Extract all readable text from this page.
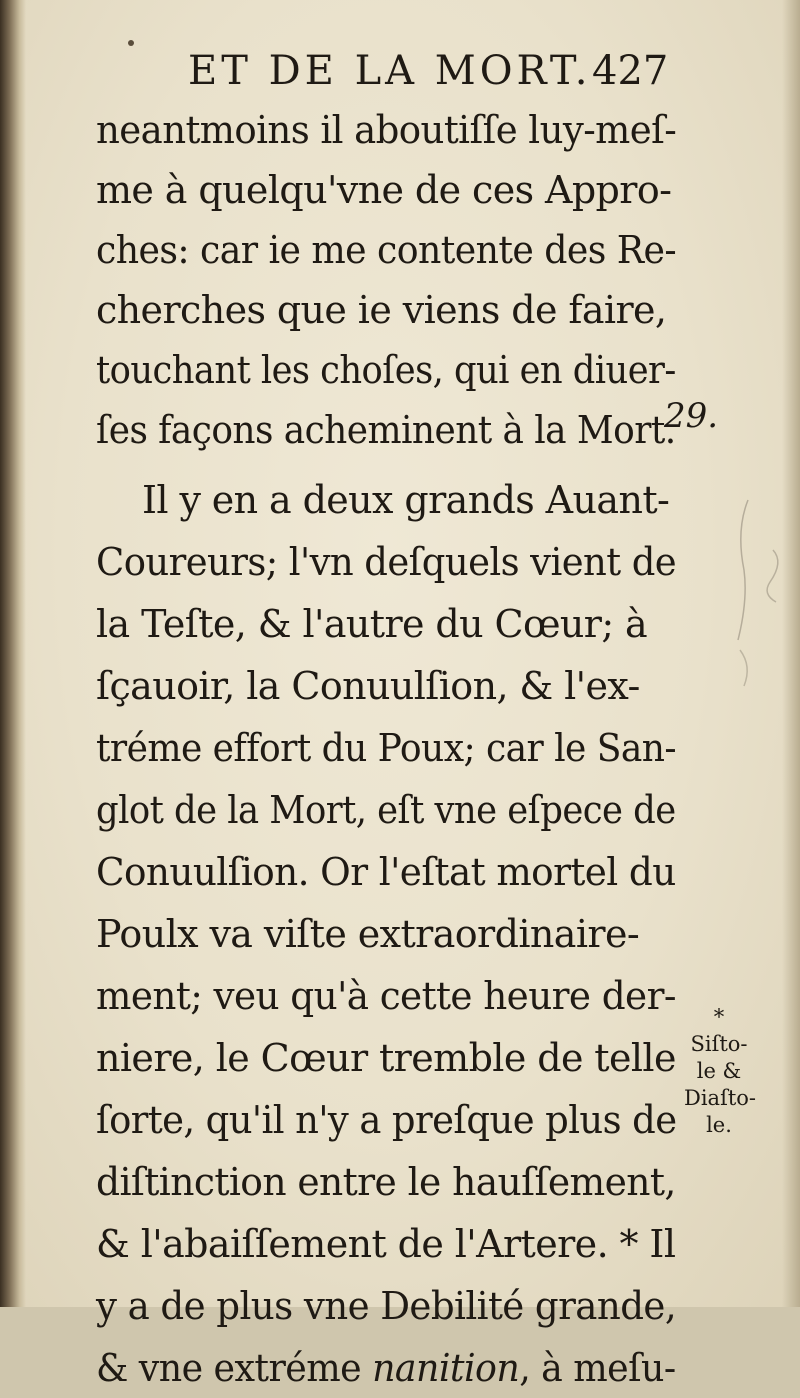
ET DE LA MORT. 427
neantmoins il aboutiſſe luy-meſ-
me à quelqu'vne de ces Appro-
ches: car ie me contente des Re-
cherches que ie viens de faire,
touchant les choſes, qui en diuer-
ſes façons acheminent à la Mort.
Il y en a deux grands Auant-
Coureurs; l'vn deſquels vient de
la Teſte, & l'autre du Cœur; à
ſçauoir, la Conuulſion, & l'ex-
tréme effort du Poux; car le San-
glot de la Mort, eſt vne eſpece de
Conuulſion. Or l'eſtat mortel du
Poulx va viſte extraordinaire-
ment; veu qu'à cette heure der-
niere, le Cœur tremble de telle
ſorte, qu'il n'y a preſque plus de
diſtinction entre le hauſſement,
& l'abaiſſement de l'Artere. * Il
y a de plus vne Debilité grande,
& vne extréme nanition, à meſu-
29.
* Siſto-
le &
Diaſto-
le.
